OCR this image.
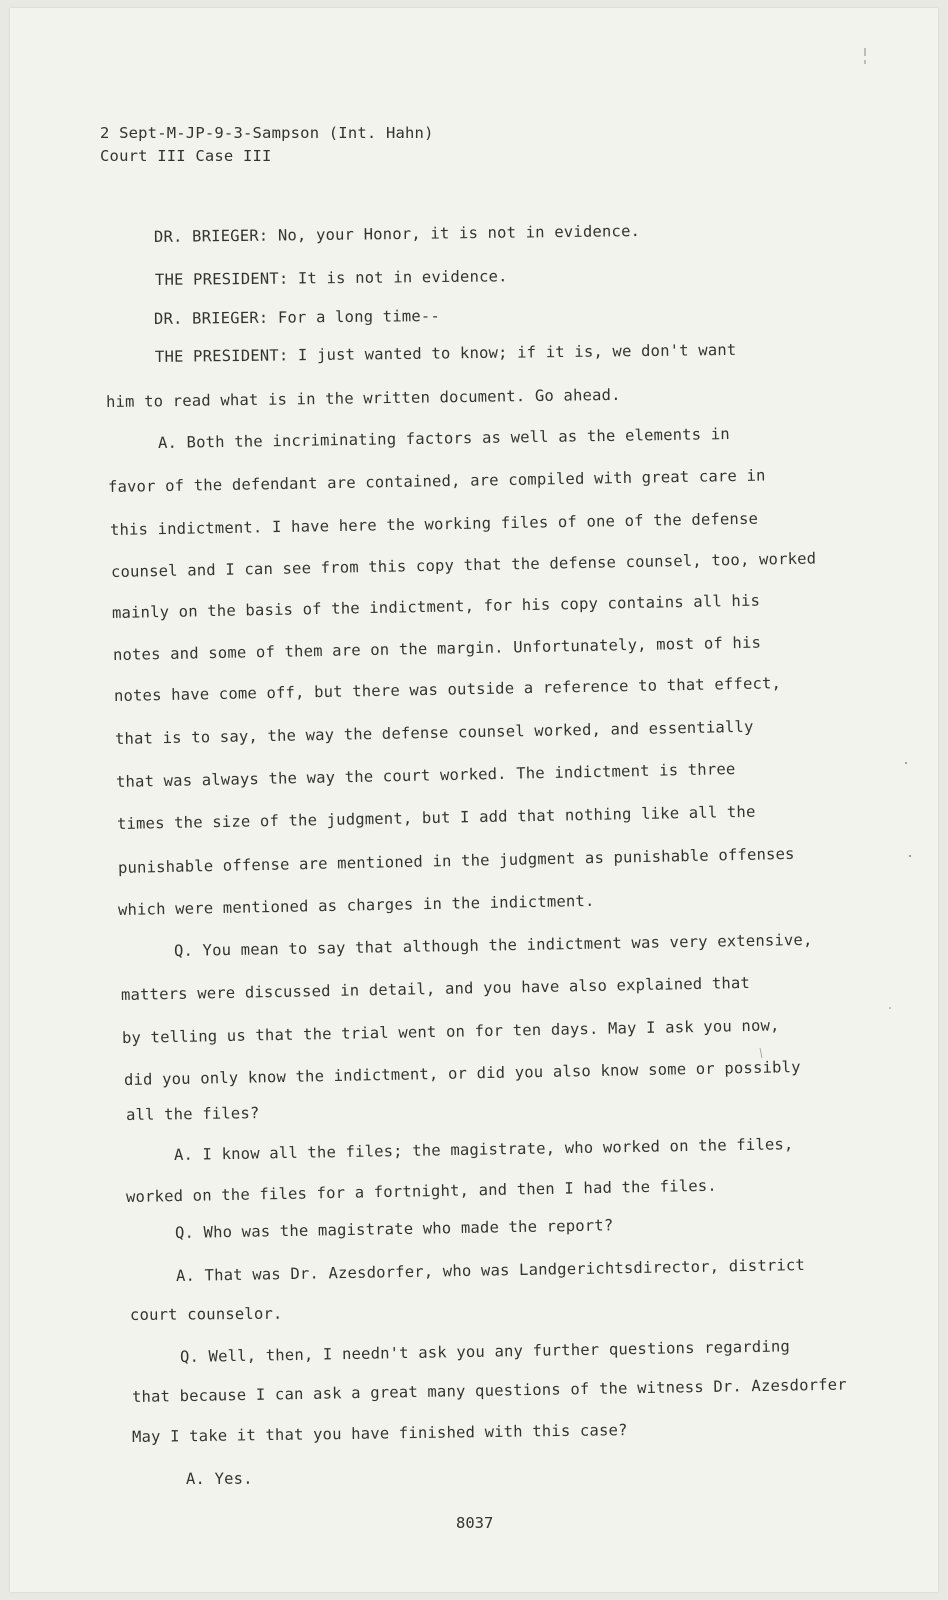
2 Sept-M-JP-9-3-Sampson (Int. Hahn)
Court III Case III
DR. BRIEGER: No, your Honor, it is not in evidence.
THE PRESIDENT: It is not in evidence.
DR. BRIEGER: For a long time--
THE PRESIDENT: I just wanted to know; if it is, we don't want
him to read what is in the written document. Go ahead.
A. Both the incriminating factors as well as the elements in
favor of the defendant are contained, are compiled with great care in
this indictment. I have here the working files of one of the defense
counsel and I can see from this copy that the defense counsel, too, worked
mainly on the basis of the indictment, for his copy contains all his
notes and some of them are on the margin. Unfortunately, most of his
notes have come off, but there was outside a reference to that effect,
that is to say, the way the defense counsel worked, and essentially
that was always the way the court worked. The indictment is three
times the size of the judgment, but I add that nothing like all the
punishable offense are mentioned in the judgment as punishable offenses
which were mentioned as charges in the indictment.
Q. You mean to say that although the indictment was very extensive,
matters were discussed in detail, and you have also explained that
by telling us that the trial went on for ten days. May I ask you now,
did you only know the indictment, or did you also know some or possibly
all the files?
A. I know all the files; the magistrate, who worked on the files,
worked on the files for a fortnight, and then I had the files.
Q. Who was the magistrate who made the report?
A. That was Dr. Azesdorfer, who was Landgerichtsdirector, district
court counselor.
Q. Well, then, I needn't ask you any further questions regarding
that because I can ask a great many questions of the witness Dr. Azesdorfer
May I take it that you have finished with this case?
A. Yes.
8037
